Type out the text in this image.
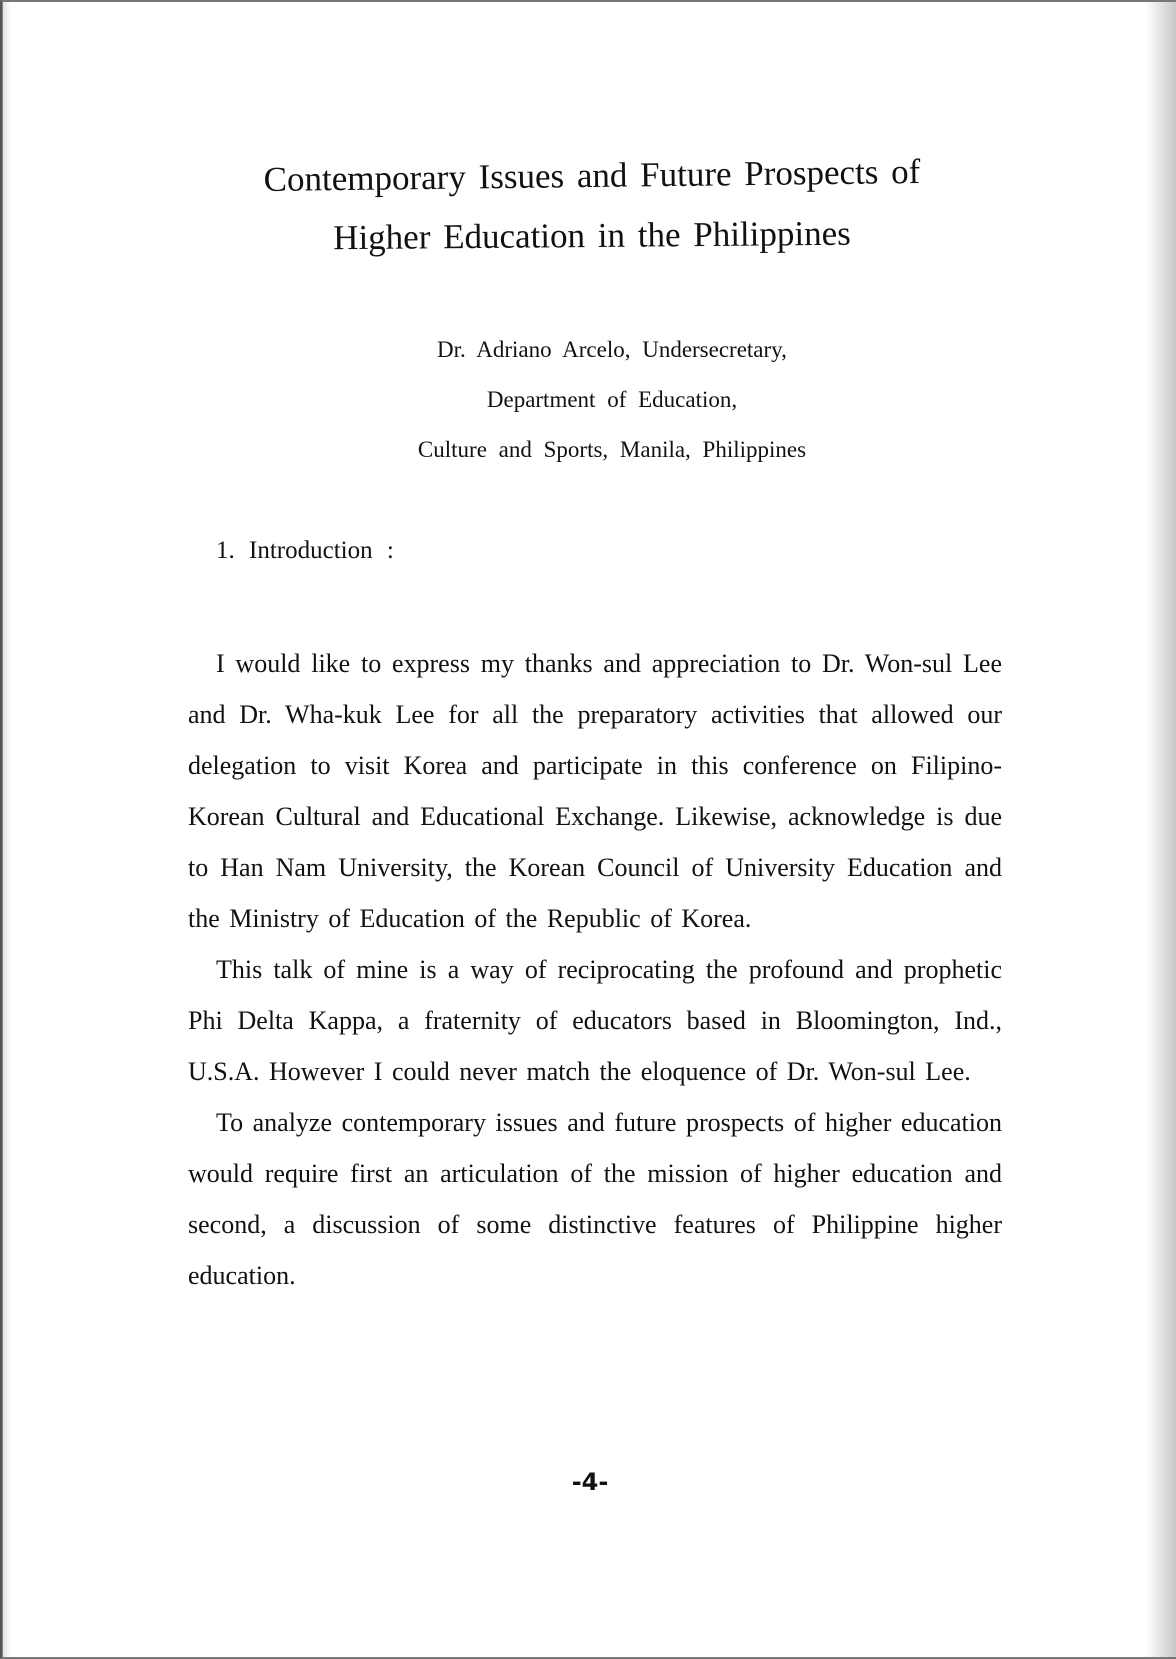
Contemporary Issues and Future Prospects of
Higher Education in the Philippines
Dr. Adriano Arcelo, Undersecretary,
Department of Education,
Culture and Sports, Manila, Philippines
1. Introduction :

I would like to express my thanks and appreciation to Dr. Won-sul Lee and Dr. Wha-kuk Lee for all the preparatory activities that allowed our delegation to visit Korea and participate in this conference on Filipino-Korean Cultural and Educational Exchange. Likewise, acknowledge is due to Han Nam University, the Korean Council of University Education and the Ministry of Education of the Republic of Korea.

This talk of mine is a way of reciprocating the profound and prophetic Phi Delta Kappa, a fraternity of educators based in Bloomington, Ind., U.S.A. However I could never match the eloquence of Dr. Won-sul Lee.

To analyze contemporary issues and future prospects of higher education would require first an articulation of the mission of higher education and second, a discussion of some distinctive features of Philippine higher education.

-4-
